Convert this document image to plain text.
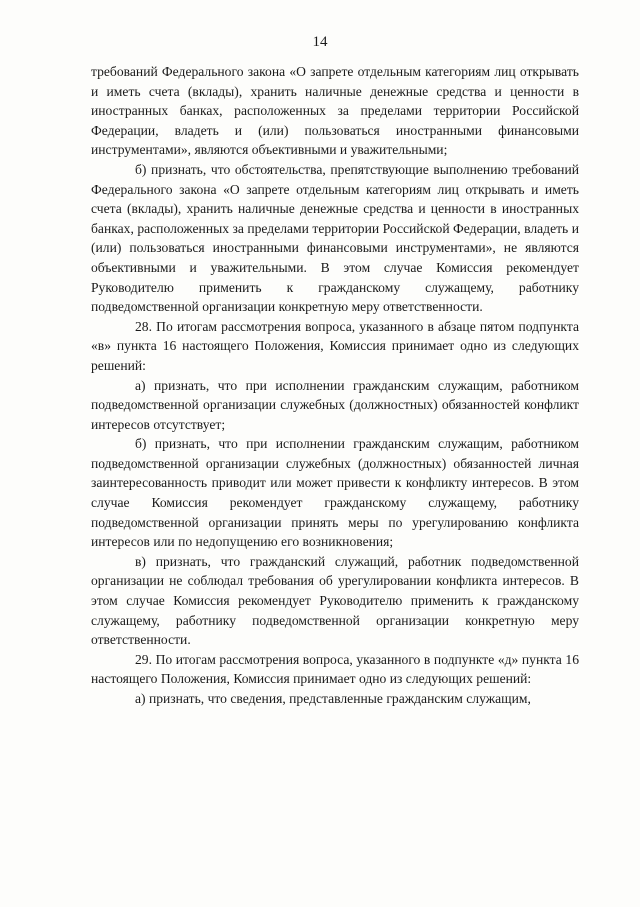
14

требований Федерального закона «О запрете отдельным категориям лиц открывать и иметь счета (вклады), хранить наличные денежные средства и ценности в иностранных банках, расположенных за пределами территории Российской Федерации, владеть и (или) пользоваться иностранными финансовыми инструментами», являются объективными и уважительными;

б) признать, что обстоятельства, препятствующие выполнению требований Федерального закона «О запрете отдельным категориям лиц открывать и иметь счета (вклады), хранить наличные денежные средства и ценности в иностранных банках, расположенных за пределами территории Российской Федерации, владеть и (или) пользоваться иностранными финансовыми инструментами», не являются объективными и уважительными. В этом случае Комиссия рекомендует Руководителю применить к гражданскому служащему, работнику подведомственной организации конкретную меру ответственности.

28. По итогам рассмотрения вопроса, указанного в абзаце пятом подпункта «в» пункта 16 настоящего Положения, Комиссия принимает одно из следующих решений:

а) признать, что при исполнении гражданским служащим, работником подведомственной организации служебных (должностных) обязанностей конфликт интересов отсутствует;

б) признать, что при исполнении гражданским служащим, работником подведомственной организации служебных (должностных) обязанностей личная заинтересованность приводит или может привести к конфликту интересов. В этом случае Комиссия рекомендует гражданскому служащему, работнику подведомственной организации принять меры по урегулированию конфликта интересов или по недопущению его возникновения;

в) признать, что гражданский служащий, работник подведомственной организации не соблюдал требования об урегулировании конфликта интересов. В этом случае Комиссия рекомендует Руководителю применить к гражданскому служащему, работнику подведомственной организации конкретную меру ответственности.

29. По итогам рассмотрения вопроса, указанного в подпункте «д» пункта 16 настоящего Положения, Комиссия принимает одно из следующих решений:

а) признать, что сведения, представленные гражданским служащим,
